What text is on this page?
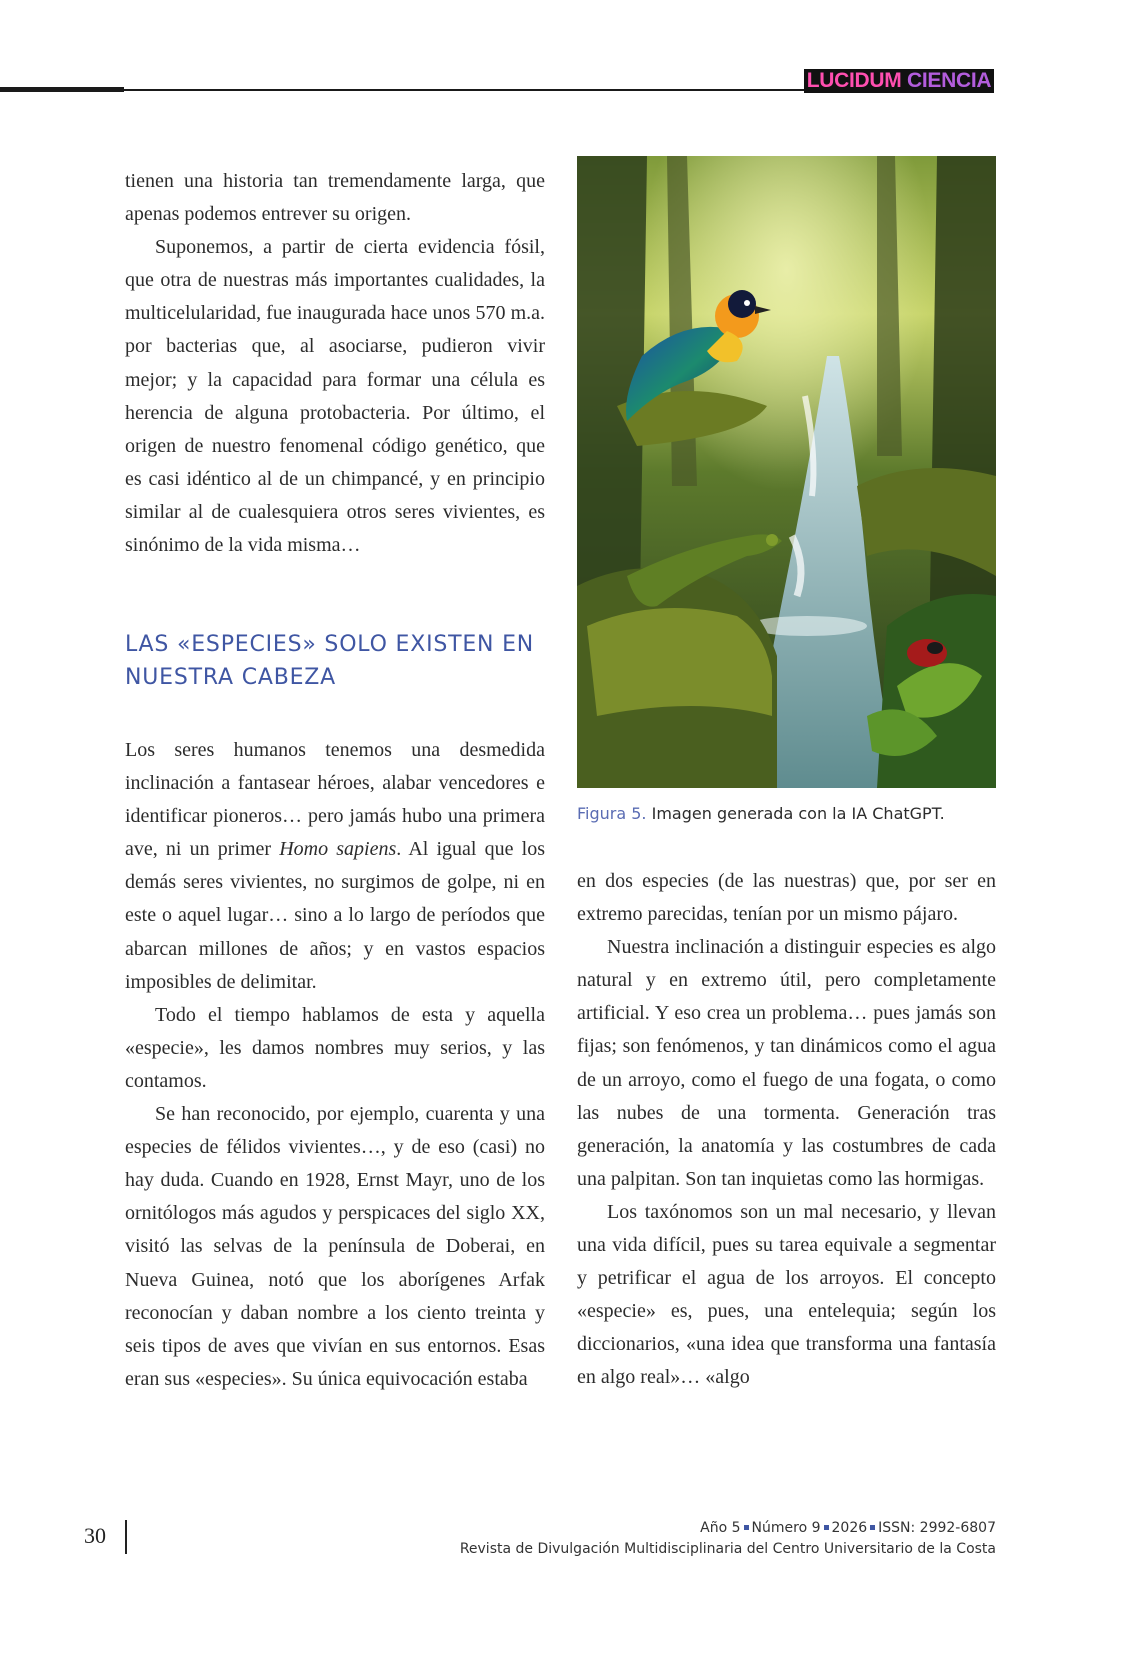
LUCIDUM CIENCIA

tienen una historia tan tremendamente larga, que apenas podemos entrever su origen.

Suponemos, a partir de cierta evidencia fósil, que otra de nuestras más importantes cualidades, la multicelularidad, fue inaugurada hace unos 570 m.a. por bacterias que, al asociarse, pudieron vivir mejor; y la capacidad para formar una célula es herencia de alguna protobacteria. Por último, el origen de nuestro fenomenal código genético, que es casi idéntico al de un chimpancé, y en principio similar al de cualesquiera otros seres vivientes, es sinónimo de la vida misma…

LAS «ESPECIES» SOLO EXISTEN EN NUESTRA CABEZA

Los seres humanos tenemos una desmedida inclinación a fantasear héroes, alabar vencedores e identificar pioneros… pero jamás hubo una primera ave, ni un primer Homo sapiens. Al igual que los demás seres vivientes, no surgimos de golpe, ni en este o aquel lugar… sino a lo largo de períodos que abarcan millones de años; y en vastos espacios imposibles de delimitar.

Todo el tiempo hablamos de esta y aquella «especie», les damos nombres muy serios, y las contamos.

Se han reconocido, por ejemplo, cuarenta y una especies de félidos vivientes…, y de eso (casi) no hay duda. Cuando en 1928, Ernst Mayr, uno de los ornitólogos más agudos y perspicaces del siglo XX, visitó las selvas de la península de Doberai, en Nueva Guinea, notó que los aborígenes Arfak reconocían y daban nombre a los ciento treinta y seis tipos de aves que vivían en sus entornos. Esas eran sus «especies». Su única equivocación estaba

Figura 5. Imagen generada con la IA ChatGPT.

en dos especies (de las nuestras) que, por ser en extremo parecidas, tenían por un mismo pájaro.

Nuestra inclinación a distinguir especies es algo natural y en extremo útil, pero completamente artificial. Y eso crea un problema… pues jamás son fijas; son fenómenos, y tan dinámicos como el agua de un arroyo, como el fuego de una fogata, o como las nubes de una tormenta. Generación tras generación, la anatomía y las costumbres de cada una palpitan. Son tan inquietas como las hormigas.

Los taxónomos son un mal necesario, y llevan una vida difícil, pues su tarea equivale a segmentar y petrificar el agua de los arroyos. El concepto «especie» es, pues, una entelequia; según los diccionarios, «una idea que transforma una fantasía en algo real»… «algo

30	Año 5 Número 9 2026 ISSN: 2992-6807
Revista de Divulgación Multidisciplinaria del Centro Universitario de la Costa
